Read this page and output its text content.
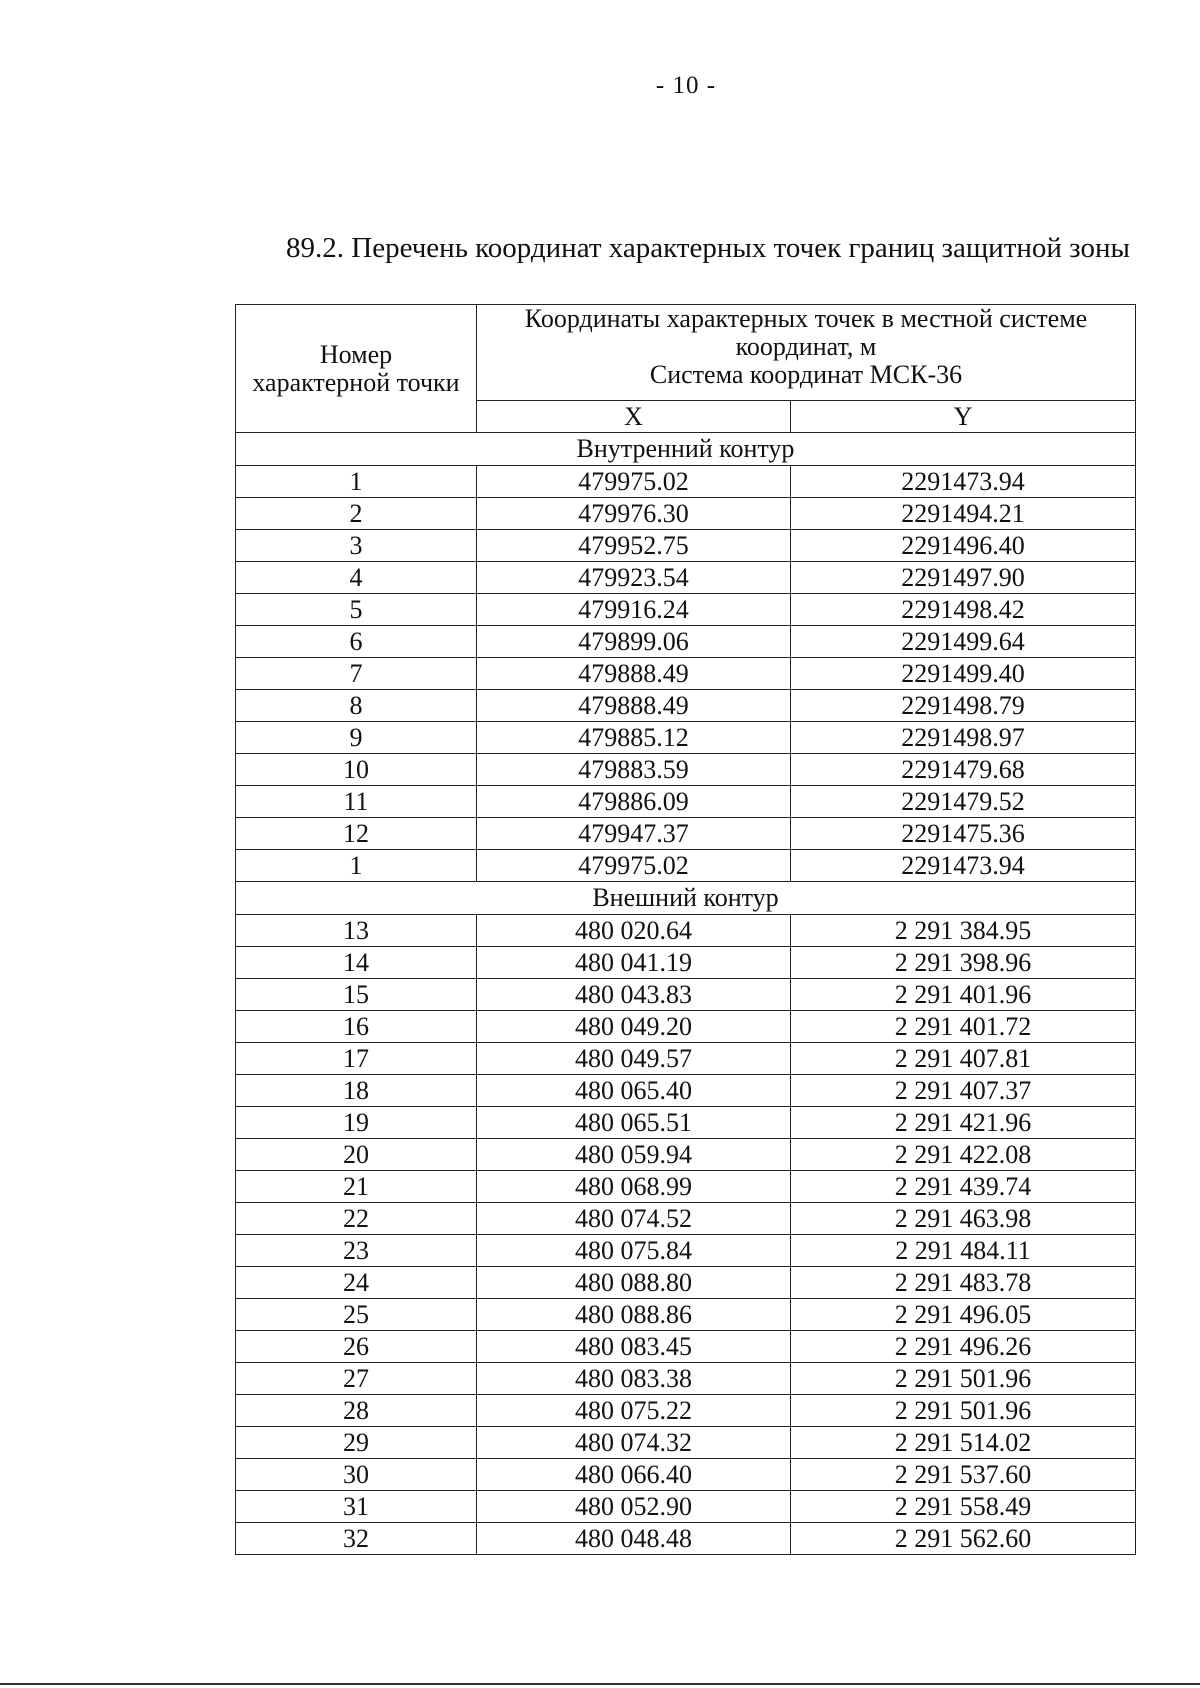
- 10 -
89.2. Перечень координат характерных точек границ защитной зоны
Номер
характерной точки	Координаты характерных точек в местной системе
координат, м
Система координат МСК-36	

	X	Y
Внутренний контур		
1	479975.02	2291473.94
2	479976.30	2291494.21
3	479952.75	2291496.40
4	479923.54	2291497.90
5	479916.24	2291498.42
6	479899.06	2291499.64
7	479888.49	2291499.40
8	479888.49	2291498.79
9	479885.12	2291498.97
10	479883.59	2291479.68
11	479886.09	2291479.52
12	479947.37	2291475.36
1	479975.02	2291473.94
Внешний контур		
13	480 020.64	2 291 384.95
14	480 041.19	2 291 398.96
15	480 043.83	2 291 401.96
16	480 049.20	2 291 401.72
17	480 049.57	2 291 407.81
18	480 065.40	2 291 407.37
19	480 065.51	2 291 421.96
20	480 059.94	2 291 422.08
21	480 068.99	2 291 439.74
22	480 074.52	2 291 463.98
23	480 075.84	2 291 484.11
24	480 088.80	2 291 483.78
25	480 088.86	2 291 496.05
26	480 083.45	2 291 496.26
27	480 083.38	2 291 501.96
28	480 075.22	2 291 501.96
29	480 074.32	2 291 514.02
30	480 066.40	2 291 537.60
31	480 052.90	2 291 558.49
32	480 048.48	2 291 562.60
